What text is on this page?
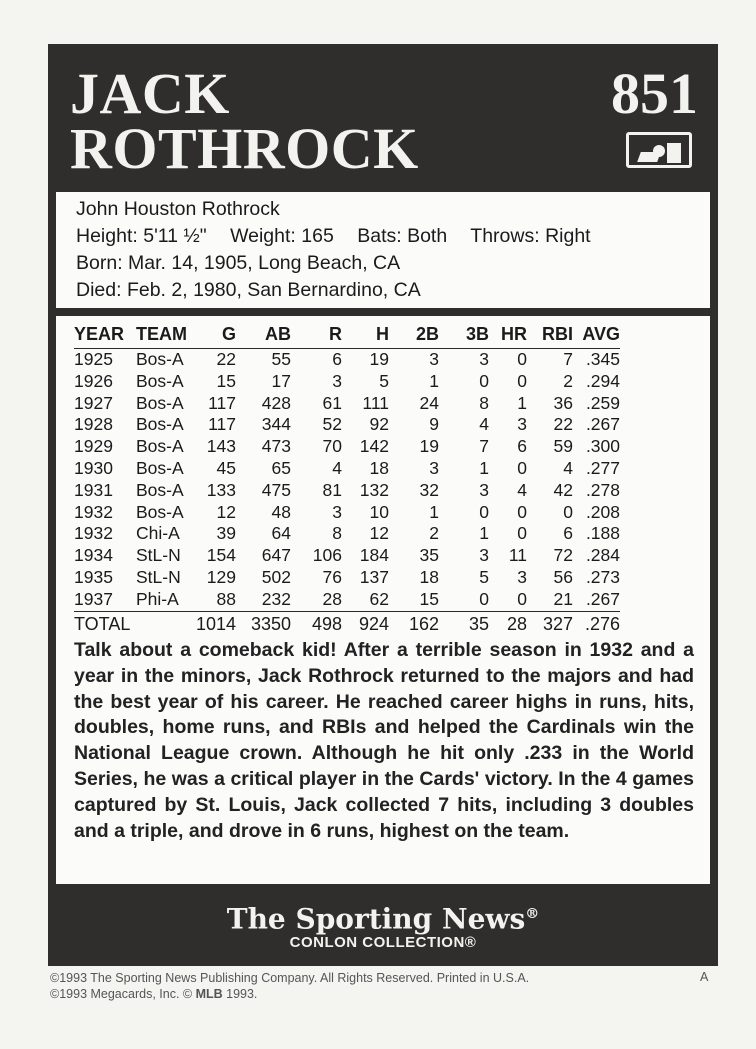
JACK
ROTHROCK
851
John Houston Rothrock
Height: 5'11 ½" Weight: 165 Bats: Both Throws: Right
Born: Mar. 14, 1905, Long Beach, CA
Died: Feb. 2, 1980, San Bernardino, CA
YEAR	TEAM	G	AB	R	H	2B	3B	HR	RBI	AVG
1925	Bos-A	22	55	6	19	3	3	0	7	.345
1926	Bos-A	15	17	3	5	1	0	0	2	.294
1927	Bos-A	117	428	61	111	24	8	1	36	.259
1928	Bos-A	117	344	52	92	9	4	3	22	.267
1929	Bos-A	143	473	70	142	19	7	6	59	.300
1930	Bos-A	45	65	4	18	3	1	0	4	.277
1931	Bos-A	133	475	81	132	32	3	4	42	.278
1932	Bos-A	12	48	3	10	1	0	0	0	.208
1932	Chi-A	39	64	8	12	2	1	0	6	.188
1934	StL-N	154	647	106	184	35	3	11	72	.284
1935	StL-N	129	502	76	137	18	5	3	56	.273
1937	Phi-A	88	232	28	62	15	0	0	21	.267
TOTAL		1014	3350	498	924	162	35	28	327	.276
Talk about a comeback kid! After a terrible season in 1932 and a year in the minors, Jack Rothrock returned to the majors and had the best year of his career. He reached career highs in runs, hits, doubles, home runs, and RBIs and helped the Cardinals win the National League crown. Although he hit only .233 in the World Series, he was a critical player in the Cards' victory. In the 4 games captured by St. Louis, Jack collected 7 hits, including 3 doubles and a triple, and drove in 6 runs, highest on the team.
The Sporting News®
CONLON COLLECTION®
©1993 The Sporting News Publishing Company. All Rights Reserved. Printed in U.S.A.
©1993 Megacards, Inc. © MLB 1993.
A
